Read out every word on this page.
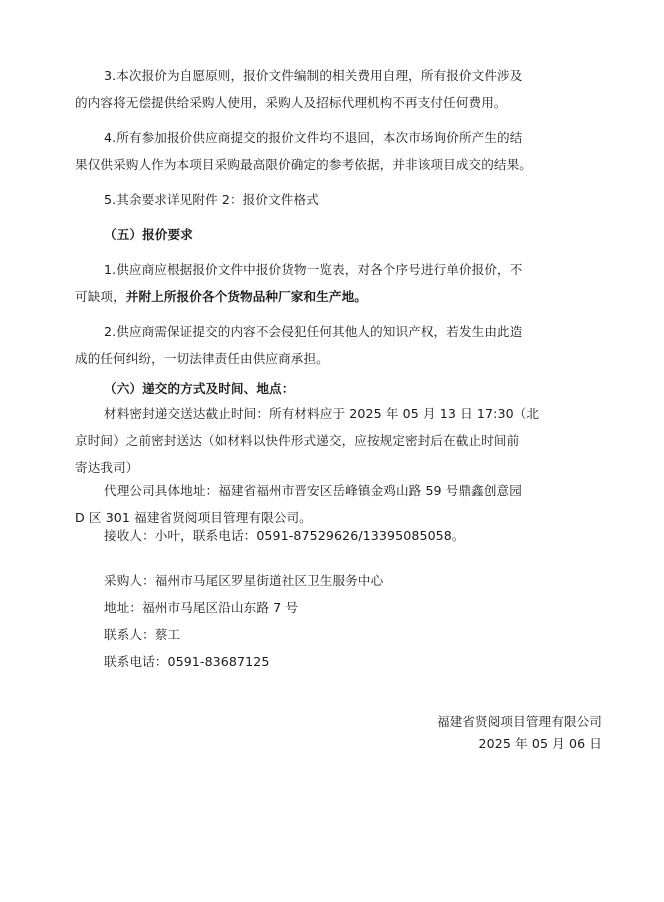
3.本次报价为自愿原则，报价文件编制的相关费用自理，所有报价文件涉及
的内容将无偿提供给采购人使用，采购人及招标代理机构不再支付任何费用。
4.所有参加报价供应商提交的报价文件均不退回，本次市场询价所产生的结
果仅供采购人作为本项目采购最高限价确定的参考依据，并非该项目成交的结果。
5.其余要求详见附件 2：报价文件格式
（五）报价要求
1.供应商应根据报价文件中报价货物一览表，对各个序号进行单价报价，不
可缺项，并附上所报价各个货物品种厂家和生产地。
2.供应商需保证提交的内容不会侵犯任何其他人的知识产权，若发生由此造
成的任何纠纷，一切法律责任由供应商承担。
（六）递交的方式及时间、地点：
材料密封递交送达截止时间：所有材料应于 2025 年 05 月 13 日 17:30（北
京时间）之前密封送达（如材料以快件形式递交，应按规定密封后在截止时间前
寄达我司）
代理公司具体地址：福建省福州市晋安区岳峰镇金鸡山路 59 号鼎鑫创意园
D 区 301 福建省贤阅项目管理有限公司。
接收人：小叶，联系电话：0591-87529626/13395085058。
采购人：福州市马尾区罗星街道社区卫生服务中心
地址：福州市马尾区沿山东路 7 号
联系人：蔡工
联系电话：0591-83687125
福建省贤阅项目管理有限公司
2025 年 05 月 06 日
